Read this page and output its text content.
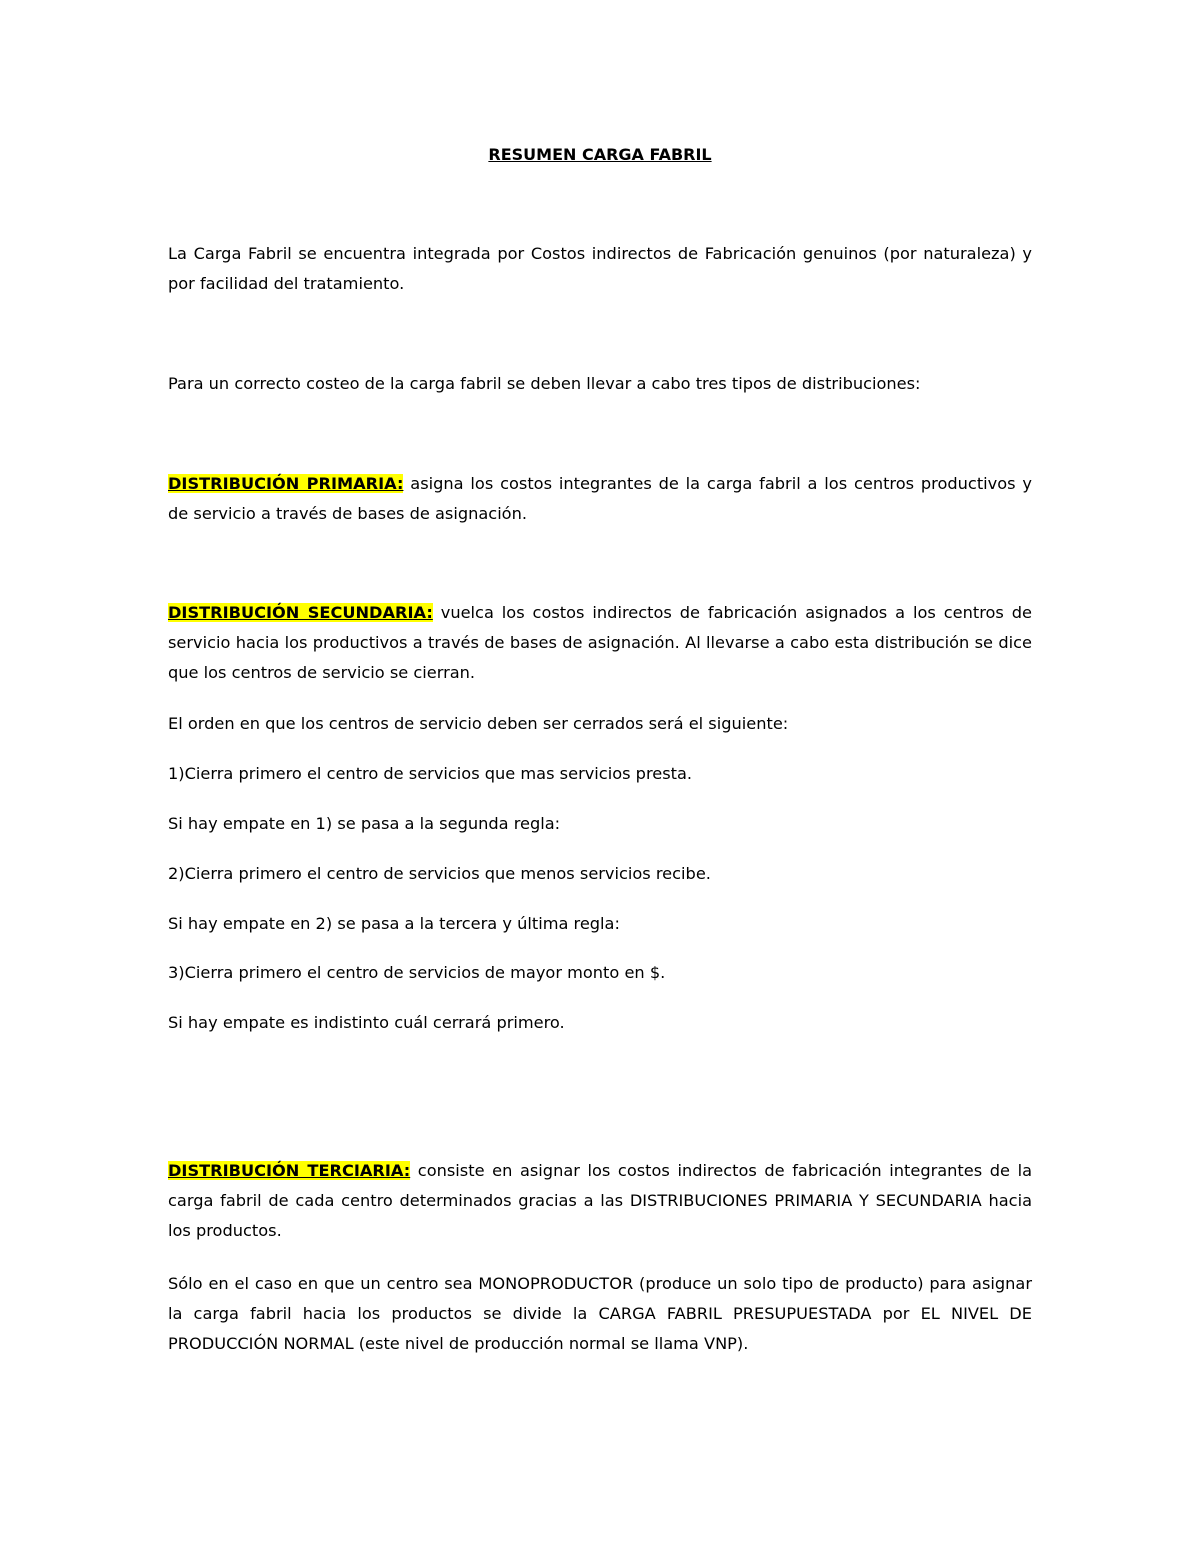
RESUMEN CARGA FABRIL

La Carga Fabril se encuentra integrada por Costos indirectos de Fabricación genuinos (por naturaleza) y por facilidad del tratamiento.

Para un correcto costeo de la carga fabril se deben llevar a cabo tres tipos de distribuciones:

DISTRIBUCIÓN PRIMARIA: asigna los costos integrantes de la carga fabril a los centros productivos y de servicio a través de bases de asignación.

DISTRIBUCIÓN SECUNDARIA: vuelca los costos indirectos de fabricación asignados a los centros de servicio hacia los productivos a través de bases de asignación. Al llevarse a cabo esta distribución se dice que los centros de servicio se cierran.

El orden en que los centros de servicio deben ser cerrados será el siguiente:

1)Cierra primero el centro de servicios que mas servicios presta.

Si hay empate en 1) se pasa a la segunda regla:

2)Cierra primero el centro de servicios que menos servicios recibe.

Si hay empate en 2) se pasa a la tercera y última regla:

3)Cierra primero el centro de servicios de mayor monto en $.

Si hay empate es indistinto cuál cerrará primero.

DISTRIBUCIÓN TERCIARIA: consiste en asignar los costos indirectos de fabricación integrantes de la carga fabril de cada centro determinados gracias a las DISTRIBUCIONES PRIMARIA Y SECUNDARIA hacia los productos.

Sólo en el caso en que un centro sea MONOPRODUCTOR (produce un solo tipo de producto) para asignar la carga fabril hacia los productos se divide la CARGA FABRIL PRESUPUESTADA por EL NIVEL DE PRODUCCIÓN NORMAL (este nivel de producción normal se llama VNP).
